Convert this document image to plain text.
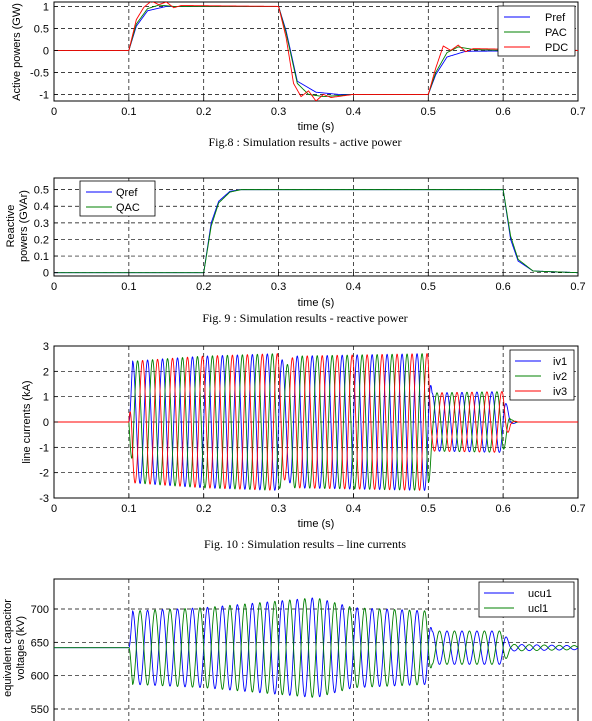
1
0.5
0
-0.5
-1
0	0.1	0.2	0.3	0.4	0.5	0.6	0.7
time (s)
Active powers (GW)	Pref
PAC
PDC
Fig.8 : Simulation results - active power
0.5
0.4
0.3
0.2
0.1
0
0	0.1	0.2	0.3	0.4	0.5	0.6	0.7
time (s)
Reactive powers (GVAr)	Qref
QAC
Fig. 9 : Simulation results - reactive power
3
2
1
0
-1
-2
-3
0	0.1	0.2	0.3	0.4	0.5	0.6	0.7
time (s)
line currents (kA)
iv1
iv2
iv3
Fig. 10 : Simulation results – line currents
700
650
600
550
equivalent capacitor voltages (kV)
ucu1
ucl1
